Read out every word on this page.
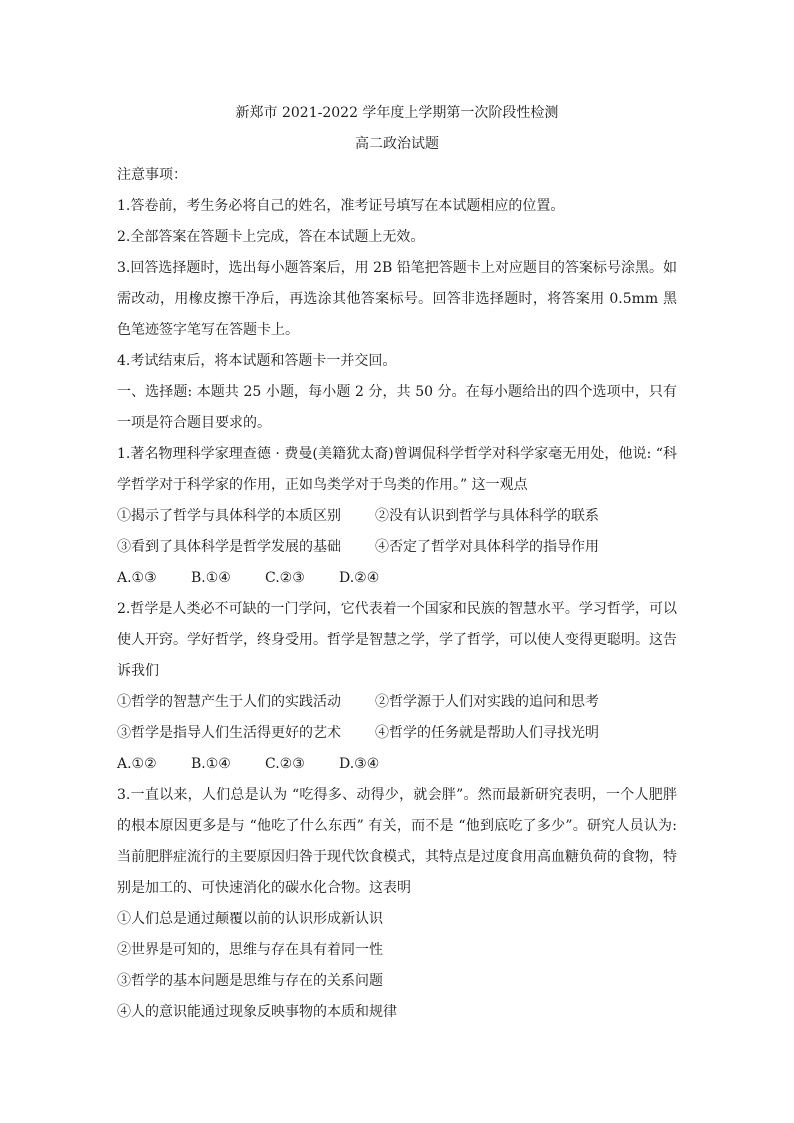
新郑市 2021-2022 学年度上学期第一次阶段性检测
高二政治试题
注意事项：
1.答卷前，考生务必将自己的姓名，准考证号填写在本试题相应的位置。
2.全部答案在答题卡上完成，答在本试题上无效。
3.回答选择题时，选出每小题答案后，用 2B 铅笔把答题卡上对应题目的答案标号涂黑。如需改动，用橡皮擦干净后，再选涂其他答案标号。回答非选择题时，将答案用 0.5mm 黑色笔迹签字笔写在答题卡上。
4.考试结束后，将本试题和答题卡一并交回。
一、选择题: 本题共 25 小题，每小题 2 分，共 50 分。在每小题给出的四个选项中，只有一项是符合题目要求的。
1.著名物理科学家理查德 · 费曼(美籍犹太裔)曾调侃科学哲学对科学家毫无用处，他说: “科学哲学对于科学家的作用，正如鸟类学对于鸟类的作用。” 这一观点
①揭示了哲学与具体科学的本质区别	②没有认识到哲学与具体科学的联系
③看到了具体科学是哲学发展的基础	④否定了哲学对具体科学的指导作用
A.①③	B.①④	C.②③	D.②④
2.哲学是人类必不可缺的一门学问，它代表着一个国家和民族的智慧水平。学习哲学，可以使人开窍。学好哲学，终身受用。哲学是智慧之学，学了哲学，可以使人变得更聪明。这告诉我们
①哲学的智慧产生于人们的实践活动	②哲学源于人们对实践的追问和思考
③哲学是指导人们生活得更好的艺术	④哲学的任务就是帮助人们寻找光明
A.①②	B.①④	C.②③	D.③④
3.一直以来，人们总是认为 “吃得多、动得少，就会胖”。然而最新研究表明，一个人肥胖的根本原因更多是与 “他吃了什么东西” 有关，而不是 “他到底吃了多少”。研究人员认为: 当前肥胖症流行的主要原因归咎于现代饮食模式，其特点是过度食用高血糖负荷的食物，特别是加工的、可快速消化的碳水化合物。这表明
①人们总是通过颠覆以前的认识形成新认识
②世界是可知的，思维与存在具有着同一性
③哲学的基本问题是思维与存在的关系问题
④人的意识能通过现象反映事物的本质和规律
